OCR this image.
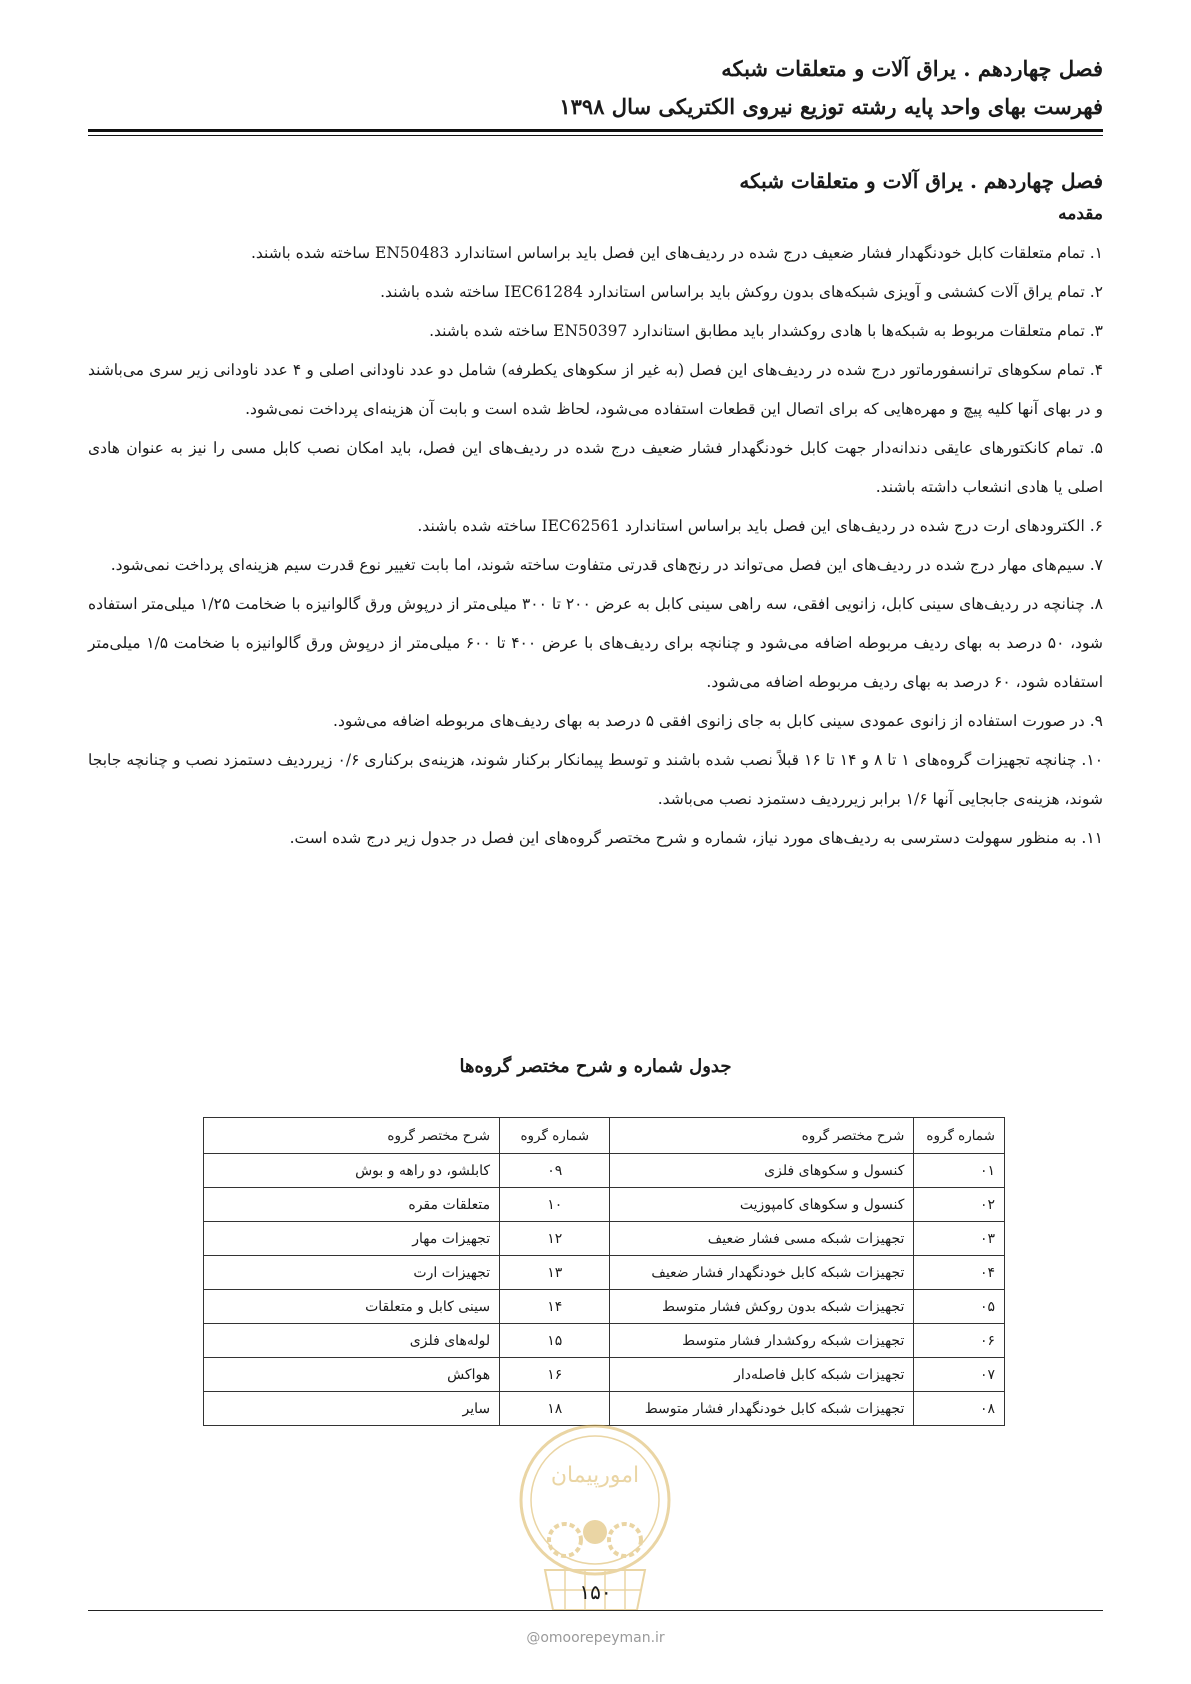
فصل چهاردهم . یراق آلات و متعلقات شبکه
فهرست بهای واحد پایه رشته توزیع نیروی الکتریکی سال ۱۳۹۸
فصل چهاردهم . یراق آلات و متعلقات شبکه
مقدمه

۱. تمام متعلقات کابل خودنگهدار فشار ضعیف درج شده در ردیف‌های این فصل باید براساس استاندارد EN50483 ساخته شده باشند.

۲. تمام یراق آلات کششی و آویزی شبکه‌های بدون روکش باید براساس استاندارد IEC61284 ساخته شده باشند.

۳. تمام متعلقات مربوط به شبکه‌ها با هادی روکشدار باید مطابق استاندارد EN50397 ساخته شده باشند.

۴. تمام سکوهای ترانسفورماتور درج شده در ردیف‌های این فصل (به غیر از سکوهای یکطرفه) شامل دو عدد ناودانی اصلی و ۴ عدد ناودانی زیر سری می‌باشند و در بهای آنها کلیه پیچ و مهره‌هایی که برای اتصال این قطعات استفاده می‌شود، لحاظ شده است و بابت آن هزینه‌ای پرداخت نمی‌شود.

۵. تمام کانکتورهای عایقی دندانه‌دار جهت کابل خودنگهدار فشار ضعیف درج شده در ردیف‌های این فصل، باید امکان نصب کابل مسی را نیز به عنوان هادی اصلی یا هادی انشعاب داشته باشند.

۶. الکترودهای ارت درج شده در ردیف‌های این فصل باید براساس استاندارد IEC62561 ساخته شده باشند.

۷. سیم‌های مهار درج شده در ردیف‌های این فصل می‌تواند در رنج‌های قدرتی متفاوت ساخته شوند، اما بابت تغییر نوع قدرت سیم هزینه‌ای پرداخت نمی‌شود.

۸. چنانچه در ردیف‌های سینی کابل، زانویی افقی، سه راهی سینی کابل به عرض ۲۰۰ تا ۳۰۰ میلی‌متر از درپوش ورق گالوانیزه با ضخامت ۱/۲۵ میلی‌متر استفاده شود، ۵۰ درصد به بهای ردیف مربوطه اضافه می‌شود و چنانچه برای ردیف‌های با عرض ۴۰۰ تا ۶۰۰ میلی‌متر از درپوش ورق گالوانیزه با ضخامت ۱/۵ میلی‌متر استفاده شود، ۶۰ درصد به بهای ردیف مربوطه اضافه می‌شود.

۹. در صورت استفاده از زانوی عمودی سینی کابل به جای زانوی افقی ۵ درصد به بهای ردیف‌های مربوطه اضافه می‌شود.

۱۰. چنانچه تجهیزات گروه‌های ۱ تا ۸ و ۱۴ تا ۱۶ قبلاً نصب شده باشند و توسط پیمانکار برکنار شوند، هزینه‌ی برکناری ۰/۶ زیرردیف دستمزد نصب و چنانچه جابجا شوند، هزینه‌ی جابجایی آنها ۱/۶ برابر زیرردیف دستمزد نصب می‌باشد.

۱۱. به منظور سهولت دسترسی به ردیف‌های مورد نیاز، شماره و شرح مختصر گروه‌های این فصل در جدول زیر درج شده است.

جدول شماره و شرح مختصر گروه‌ها
شماره گروه	شرح مختصر گروه	شماره گروه	شرح مختصر گروه
۰۱	کنسول و سکوهای فلزی	۰۹	کابلشو، دو راهه و بوش
۰۲	کنسول و سکوهای کامپوزیت	۱۰	متعلقات مقره
۰۳	تجهیزات شبکه مسی فشار ضعیف	۱۲	تجهیزات مهار
۰۴	تجهیزات شبکه کابل خودنگهدار فشار ضعیف	۱۳	تجهیزات ارت
۰۵	تجهیزات شبکه بدون روکش فشار متوسط	۱۴	سینی کابل و متعلقات
۰۶	تجهیزات شبکه روکشدار فشار متوسط	۱۵	لوله‌های فلزی
۰۷	تجهیزات شبکه کابل فاصله‌دار	۱۶	هواکش
۰۸	تجهیزات شبکه کابل خودنگهدار فشار متوسط	۱۸	سایر
امورپیمان
۱۵۰
@omoorepeyman.ir
